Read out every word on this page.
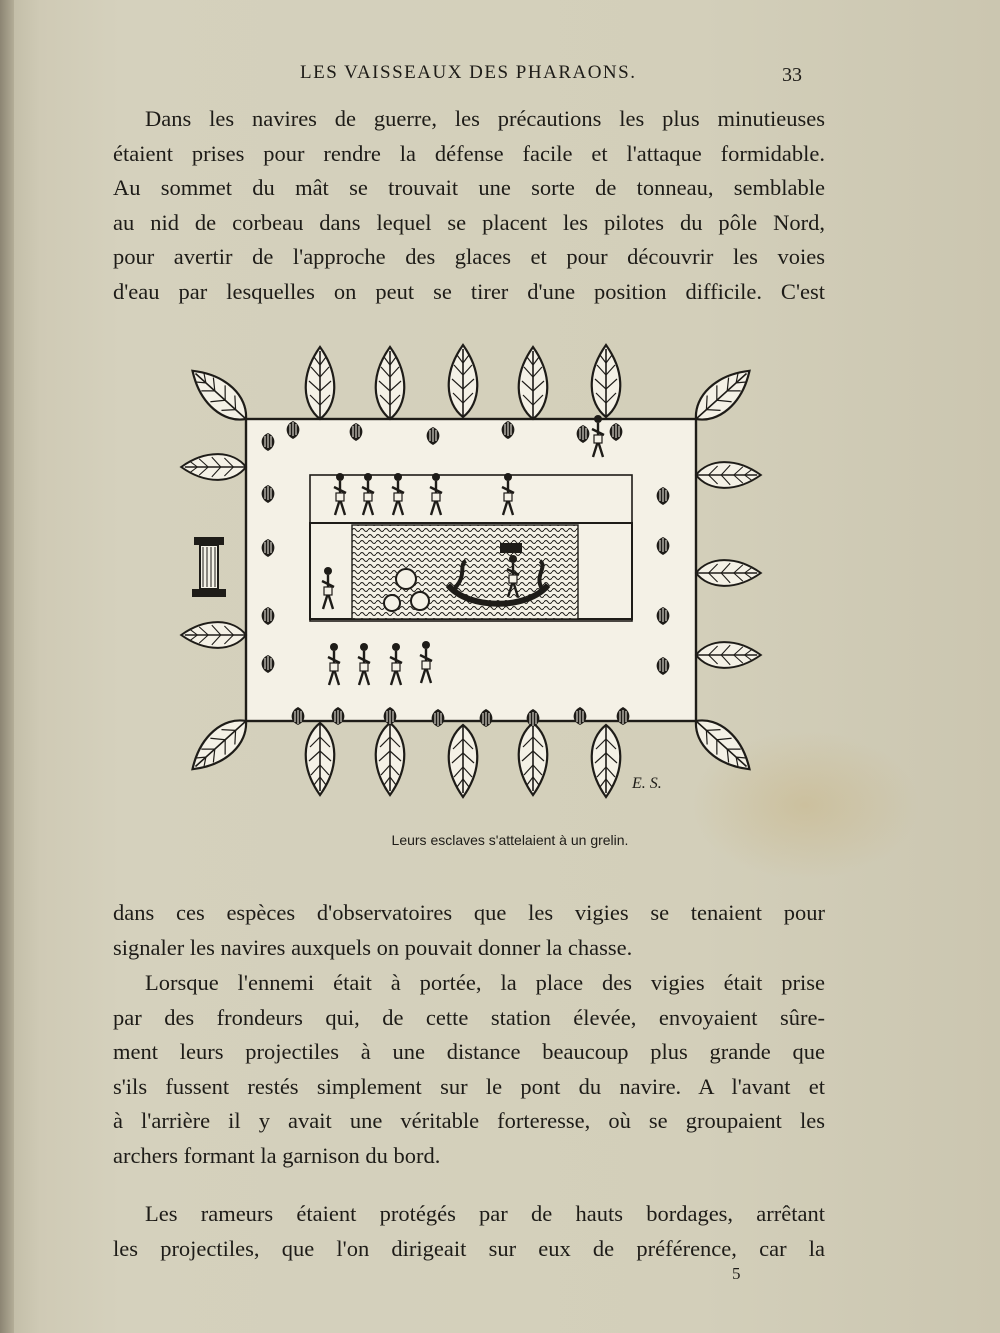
LES VAISSEAUX DES PHARAONS.	33
Dans les navires de guerre, les précautions les plus minutieuses
étaient prises pour rendre la défense facile et l'attaque formidable.
Au sommet du mât se trouvait une sorte de tonneau, semblable
au nid de corbeau dans lequel se placent les pilotes du pôle Nord,
pour avertir de l'approche des glaces et pour découvrir les voies
d'eau par lesquelles on peut se tirer d'une position difficile. C'est
E. S.
Leurs esclaves s'attelaient à un grelin.
dans ces espèces d'observatoires que les vigies se tenaient pour
signaler les navires auxquels on pouvait donner la chasse.
Lorsque l'ennemi était à portée, la place des vigies était prise
par des frondeurs qui, de cette station élevée, envoyaient sûre-
ment leurs projectiles à une distance beaucoup plus grande que
s'ils fussent restés simplement sur le pont du navire. A l'avant et
à l'arrière il y avait une véritable forteresse, où se groupaient les
archers formant la garnison du bord.
Les rameurs étaient protégés par de hauts bordages, arrêtant
les projectiles, que l'on dirigeait sur eux de préférence, car la
5
